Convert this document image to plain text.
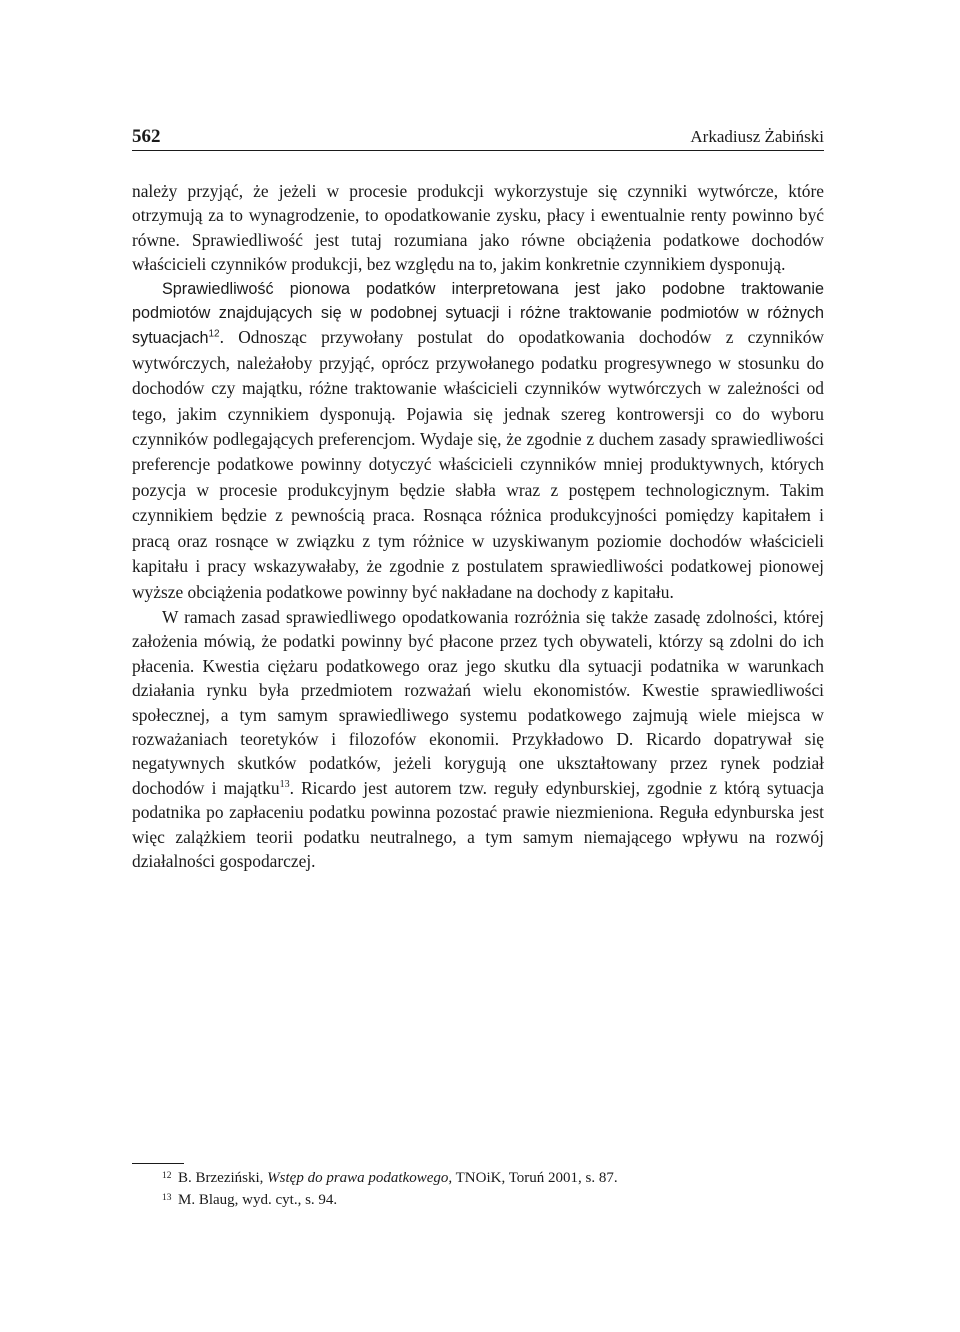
562	Arkadiusz Żabiński

należy przyjąć, że jeżeli w procesie produkcji wykorzystuje się czynniki wytwórcze, które otrzymują za to wynagrodzenie, to opodatkowanie zysku, płacy i ewentualnie renty powinno być równe. Sprawiedliwość jest tutaj rozumiana jako równe obciążenia podatkowe dochodów właścicieli czynników produkcji, bez względu na to, jakim konkretnie czynnikiem dysponują.

Sprawiedliwość pionowa podatków interpretowana jest jako podobne traktowanie podmiotów znajdujących się w podobnej sytuacji i różne traktowanie podmiotów w różnych sytuacjach$^{12}$. Odnosząc przywołany postulat do opodatkowania dochodów z czynników wytwórczych, należałoby przyjąć, oprócz przywołanego podatku progresywnego w stosunku do dochodów czy majątku, różne traktowanie właścicieli czynników wytwórczych w zależności od tego, jakim czynnikiem dysponują. Pojawia się jednak szereg kontrowersji co do wyboru czynników podlegających preferencjom. Wydaje się, że zgodnie z duchem zasady sprawiedliwości preferencje podatkowe powinny dotyczyć właścicieli czynników mniej produktywnych, których pozycja w procesie produkcyjnym będzie słabła wraz z postępem technologicznym. Takim czynnikiem będzie z pewnością praca. Rosnąca różnica produkcyjności pomiędzy kapitałem i pracą oraz rosnące w związku z tym różnice w uzyskiwanym poziomie dochodów właścicieli kapitału i pracy wskazywałaby, że zgodnie z postulatem sprawiedliwości podatkowej pionowej wyższe obciążenia podatkowe powinny być nakładane na dochody z kapitału.

W ramach zasad sprawiedliwego opodatkowania rozróżnia się także zasadę zdolności, której założenia mówią, że podatki powinny być płacone przez tych obywateli, którzy są zdolni do ich płacenia. Kwestia ciężaru podatkowego oraz jego skutku dla sytuacji podatnika w warunkach działania rynku była przedmiotem rozważań wielu ekonomistów. Kwestie sprawiedliwości społecznej, a tym samym sprawiedliwego systemu podatkowego zajmują wiele miejsca w rozważaniach teoretyków i filozofów ekonomii. Przykładowo D. Ricardo dopatrywał się negatywnych skutków podatków, jeżeli korygują one ukształtowany przez rynek podział dochodów i majątku$^{13}$. Ricardo jest autorem tzw. reguły edynburskiej, zgodnie z którą sytuacja podatnika po zapłaceniu podatku powinna pozostać prawie niezmieniona. Reguła edynburska jest więc zalążkiem teorii podatku neutralnego, a tym samym niemającego wpływu na rozwój działalności gospodarczej.

12 B. Brzeziński, Wstęp do prawa podatkowego, TNOiK, Toruń 2001, s. 87.

13 M. Blaug, wyd. cyt., s. 94.
